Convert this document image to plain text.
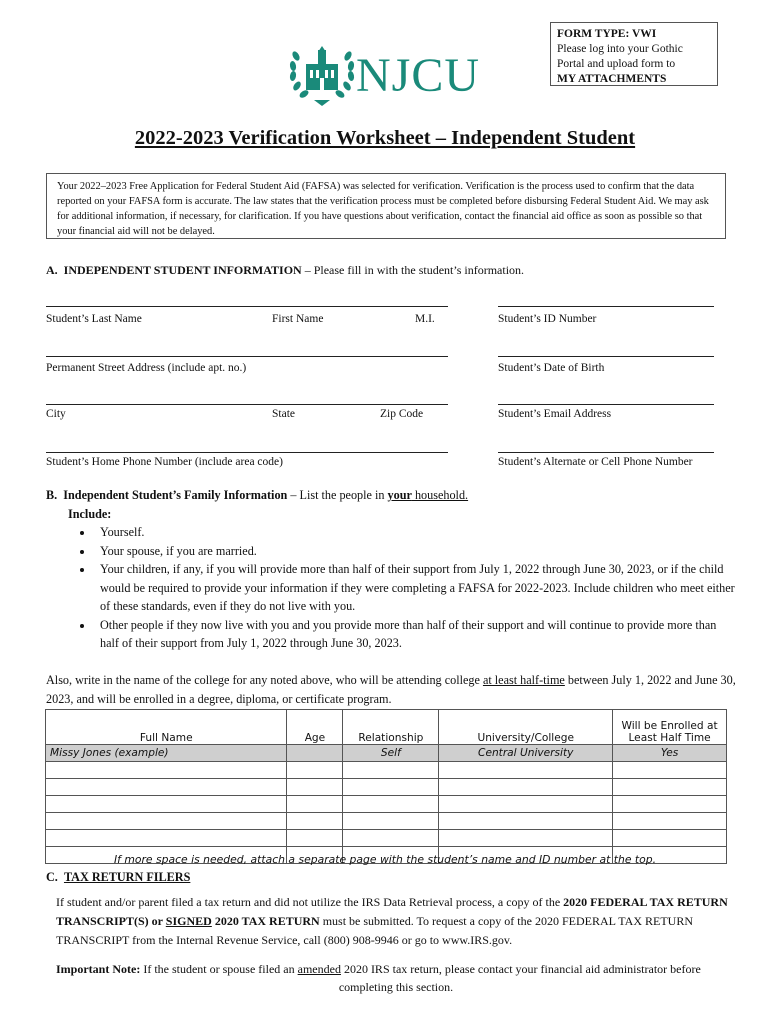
FORM TYPE: VWI
Please log into your Gothic
Portal and upload form to
MY ATTACHMENTS
NJCU
2022-2023 Verification Worksheet – Independent Student
Your 2022–2023 Free Application for Federal Student Aid (FAFSA) was selected for verification. Verification is the process used to confirm that the data reported on your FAFSA form is accurate. The law states that the verification process must be completed before disbursing Federal Student Aid. We may ask for additional information, if necessary, for clarification. If you have questions about verification, contact the financial aid office as soon as possible so that your financial aid will not be delayed.
A. INDEPENDENT STUDENT INFORMATION – Please fill in with the student’s information.
Student’s Last Name	First Name	M.I.	Student’s ID Number
Permanent Street Address (include apt. no.)	Student’s Date of Birth
City	State	Zip Code	Student’s Email Address
Student’s Home Phone Number (include area code)	Student’s Alternate or Cell Phone Number
B. Independent Student’s Family Information – List the people in your household.
Include:
• Yourself.
• Your spouse, if you are married.
• Your children, if any, if you will provide more than half of their support from July 1, 2022 through June 30, 2023, or if the child would be required to provide your information if they were completing a FAFSA for 2022-2023. Include children who meet either of these standards, even if they do not live with you.
• Other people if they now live with you and you provide more than half of their support and will continue to provide more than half of their support from July 1, 2022 through June 30, 2023.
Also, write in the name of the college for any noted above, who will be attending college at least half-time between July 1, 2022 and June 30, 2023, and will be enrolled in a degree, diploma, or certificate program.
Full Name	Age	Relationship	University/College	Will be Enrolled at
Least Half Time
Missy Jones (example)		Self	Central University	Yes

If more space is needed, attach a separate page with the student’s name and ID number at the top.
C. TAX RETURN FILERS
If student and/or parent filed a tax return and did not utilize the IRS Data Retrieval process, a copy of the 2020 FEDERAL TAX RETURN TRANSCRIPT(S) or SIGNED 2020 TAX RETURN must be submitted. To request a copy of the 2020 FEDERAL TAX RETURN TRANSCRIPT from the Internal Revenue Service, call (800) 908-9946 or go to www.IRS.gov.
Important Note: If the student or spouse filed an amended 2020 IRS tax return, please contact your financial aid administrator before
completing this section.
